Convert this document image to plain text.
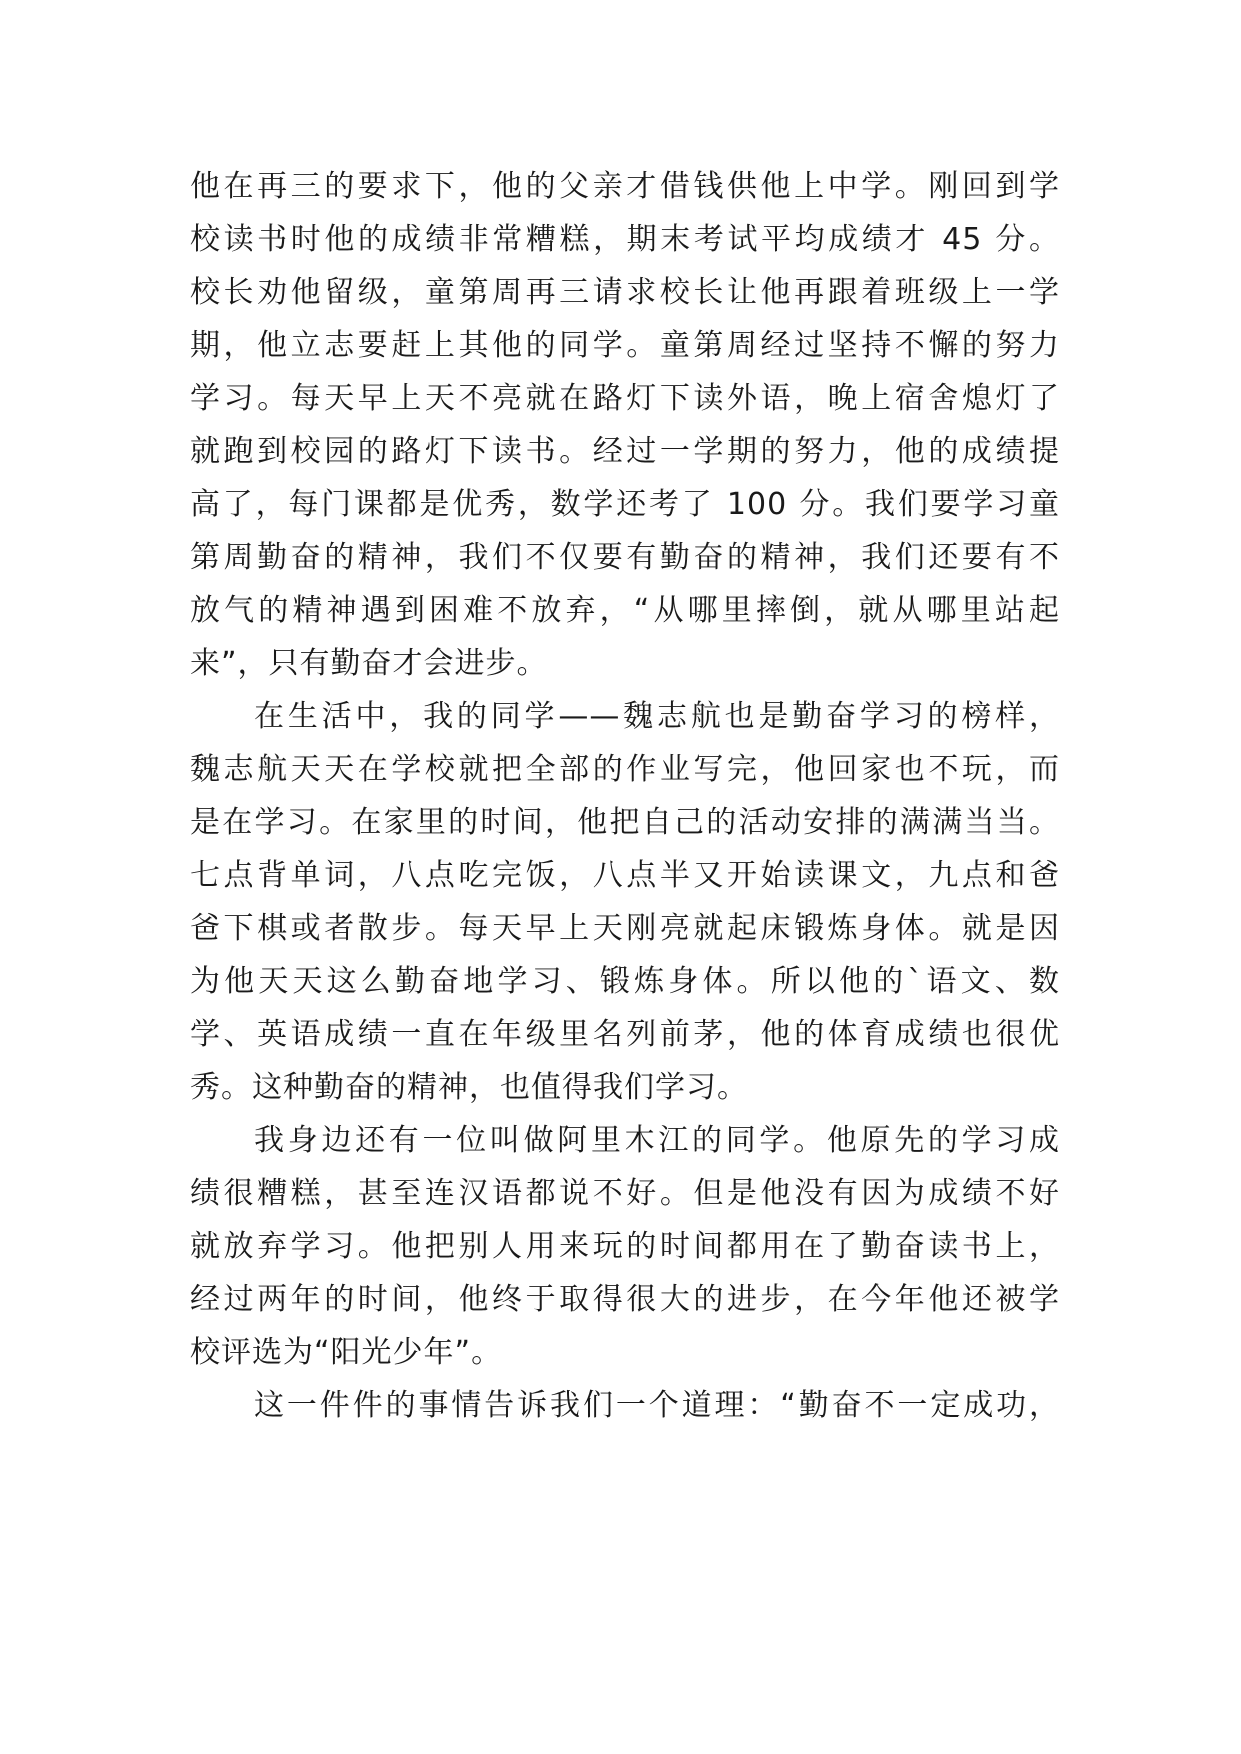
他在再三的要求下，他的父亲才借钱供他上中学。刚回到学
校读书时他的成绩非常糟糕，期末考试平均成绩才 45 分。
校长劝他留级，童第周再三请求校长让他再跟着班级上一学
期，他立志要赶上其他的同学。童第周经过坚持不懈的努力
学习。每天早上天不亮就在路灯下读外语，晚上宿舍熄灯了
就跑到校园的路灯下读书。经过一学期的努力，他的成绩提
高了，每门课都是优秀，数学还考了 100 分。我们要学习童
第周勤奋的精神，我们不仅要有勤奋的精神，我们还要有不
放气的精神遇到困难不放弃，“从哪里摔倒，就从哪里站起
来”，只有勤奋才会进步。
在生活中，我的同学——魏志航也是勤奋学习的榜样，
魏志航天天在学校就把全部的作业写完，他回家也不玩，而
是在学习。在家里的时间，他把自己的活动安排的满满当当。
七点背单词，八点吃完饭，八点半又开始读课文，九点和爸
爸下棋或者散步。每天早上天刚亮就起床锻炼身体。就是因
为他天天这么勤奋地学习、锻炼身体。所以他的`语文、数
学、英语成绩一直在年级里名列前茅，他的体育成绩也很优
秀。这种勤奋的精神，也值得我们学习。
我身边还有一位叫做阿里木江的同学。他原先的学习成
绩很糟糕，甚至连汉语都说不好。但是他没有因为成绩不好
就放弃学习。他把别人用来玩的时间都用在了勤奋读书上，
经过两年的时间，他终于取得很大的进步，在今年他还被学
校评选为“阳光少年”。
这一件件的事情告诉我们一个道理：“勤奋不一定成功，
